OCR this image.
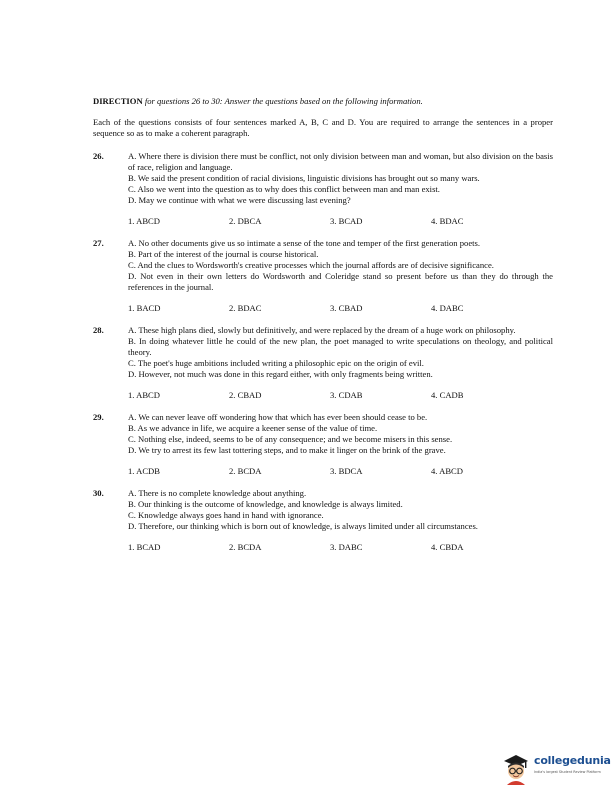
DIRECTION for questions 26 to 30: Answer the questions based on the following information.

Each of the questions consists of four sentences marked A, B, C and D. You are required to arrange the sentences in a proper sequence so as to make a coherent paragraph.

26.	A. Where there is division there must be conflict, not only division between man and woman, but also division on the basis of race, religion and language.
B. We said the present condition of racial divisions, linguistic divisions has brought out so many wars.
C. Also we went into the question as to why does this conflict between man and man exist.
D. May we continue with what we were discussing last evening?
1. ABCD	2. DBCA	3. BCAD	4. BDAC
27.	A. No other documents give us so intimate a sense of the tone and temper of the first generation poets.
B. Part of the interest of the journal is course historical.
C. And the clues to Wordsworth's creative processes which the journal affords are of decisive significance.
D. Not even in their own letters do Wordsworth and Coleridge stand so present before us than they do through the references in the journal.
1. BACD	2. BDAC	3. CBAD	4. DABC
28.	A. These high plans died, slowly but definitively, and were replaced by the dream of a huge work on philosophy.
B. In doing whatever little he could of the new plan, the poet managed to write speculations on theology, and political theory.
C. The poet's huge ambitions included writing a philosophic epic on the origin of evil.
D. However, not much was done in this regard either, with only fragments being written.
1. ABCD	2. CBAD	3. CDAB	4. CADB
29.	A. We can never leave off wondering how that which has ever been should cease to be.
B. As we advance in life, we acquire a keener sense of the value of time.
C. Nothing else, indeed, seems to be of any consequence; and we become misers in this sense.
D. We try to arrest its few last tottering steps, and to make it linger on the brink of the grave.
1. ACDB	2. BCDA	3. BDCA	4. ABCD
30.	A. There is no complete knowledge about anything.
B. Our thinking is the outcome of knowledge, and knowledge is always limited.
C. Knowledge always goes hand in hand with ignorance.
D. Therefore, our thinking which is born out of knowledge, is always limited under all circumstances.
1. BCAD	2. BCDA	3. DABC	4. CBDA
collegedunia
India's largest Student Review Platform
